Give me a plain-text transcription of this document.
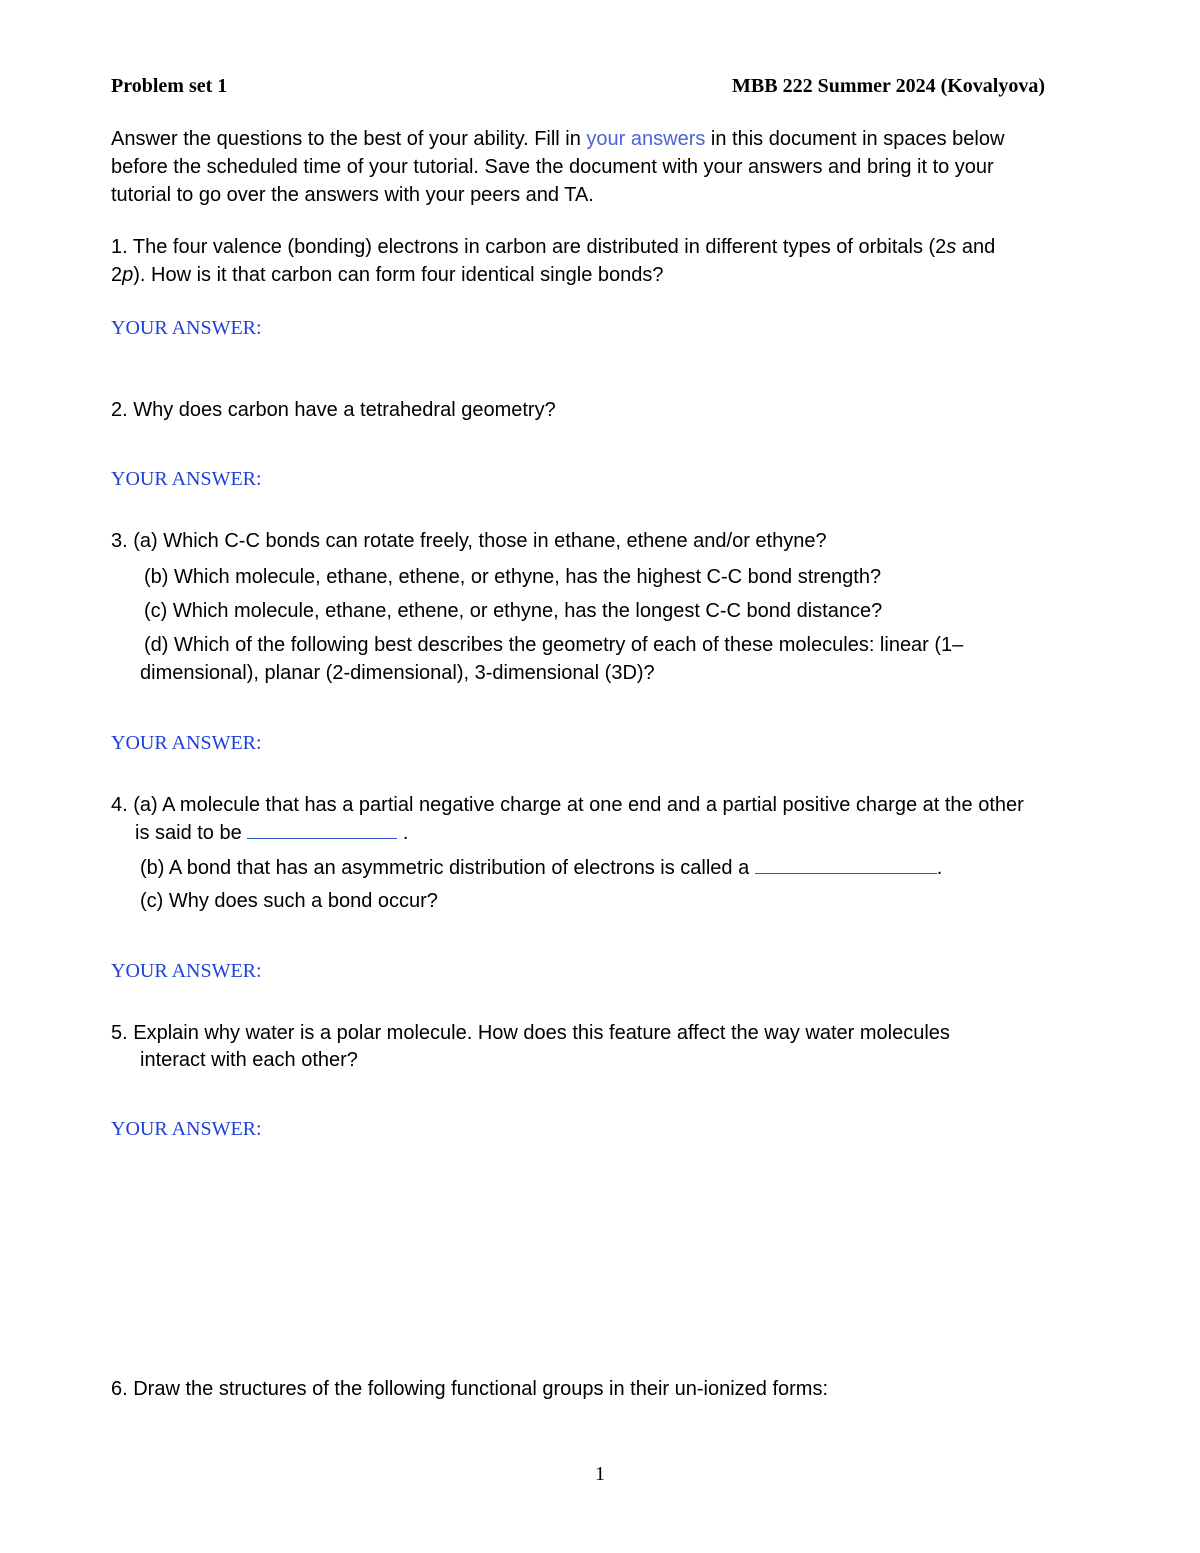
Problem set 1	MBB 222 Summer 2024 (Kovalyova)
Answer the questions to the best of your ability. Fill in your answers in this document in spaces below
before the scheduled time of your tutorial. Save the document with your answers and bring it to your
tutorial to go over the answers with your peers and TA.
1. The four valence (bonding) electrons in carbon are distributed in different types of orbitals (2s and
2p). How is it that carbon can form four identical single bonds?
YOUR ANSWER:
2. Why does carbon have a tetrahedral geometry?
YOUR ANSWER:
3. (a) Which C-C bonds can rotate freely, those in ethane, ethene and/or ethyne?
(b) Which molecule, ethane, ethene, or ethyne, has the highest C-C bond strength?
(c) Which molecule, ethane, ethene, or ethyne, has the longest C-C bond distance?
(d) Which of the following best describes the geometry of each of these molecules: linear (1–
dimensional), planar (2-dimensional), 3-dimensional (3D)?
YOUR ANSWER:
4. (a) A molecule that has a partial negative charge at one end and a partial positive charge at the other
is said to be	.
(b) A bond that has an asymmetric distribution of electrons is called a	.
(c) Why does such a bond occur?
YOUR ANSWER:
5. Explain why water is a polar molecule. How does this feature affect the way water molecules
interact with each other?
YOUR ANSWER:
6. Draw the structures of the following functional groups in their un-ionized forms:
1
